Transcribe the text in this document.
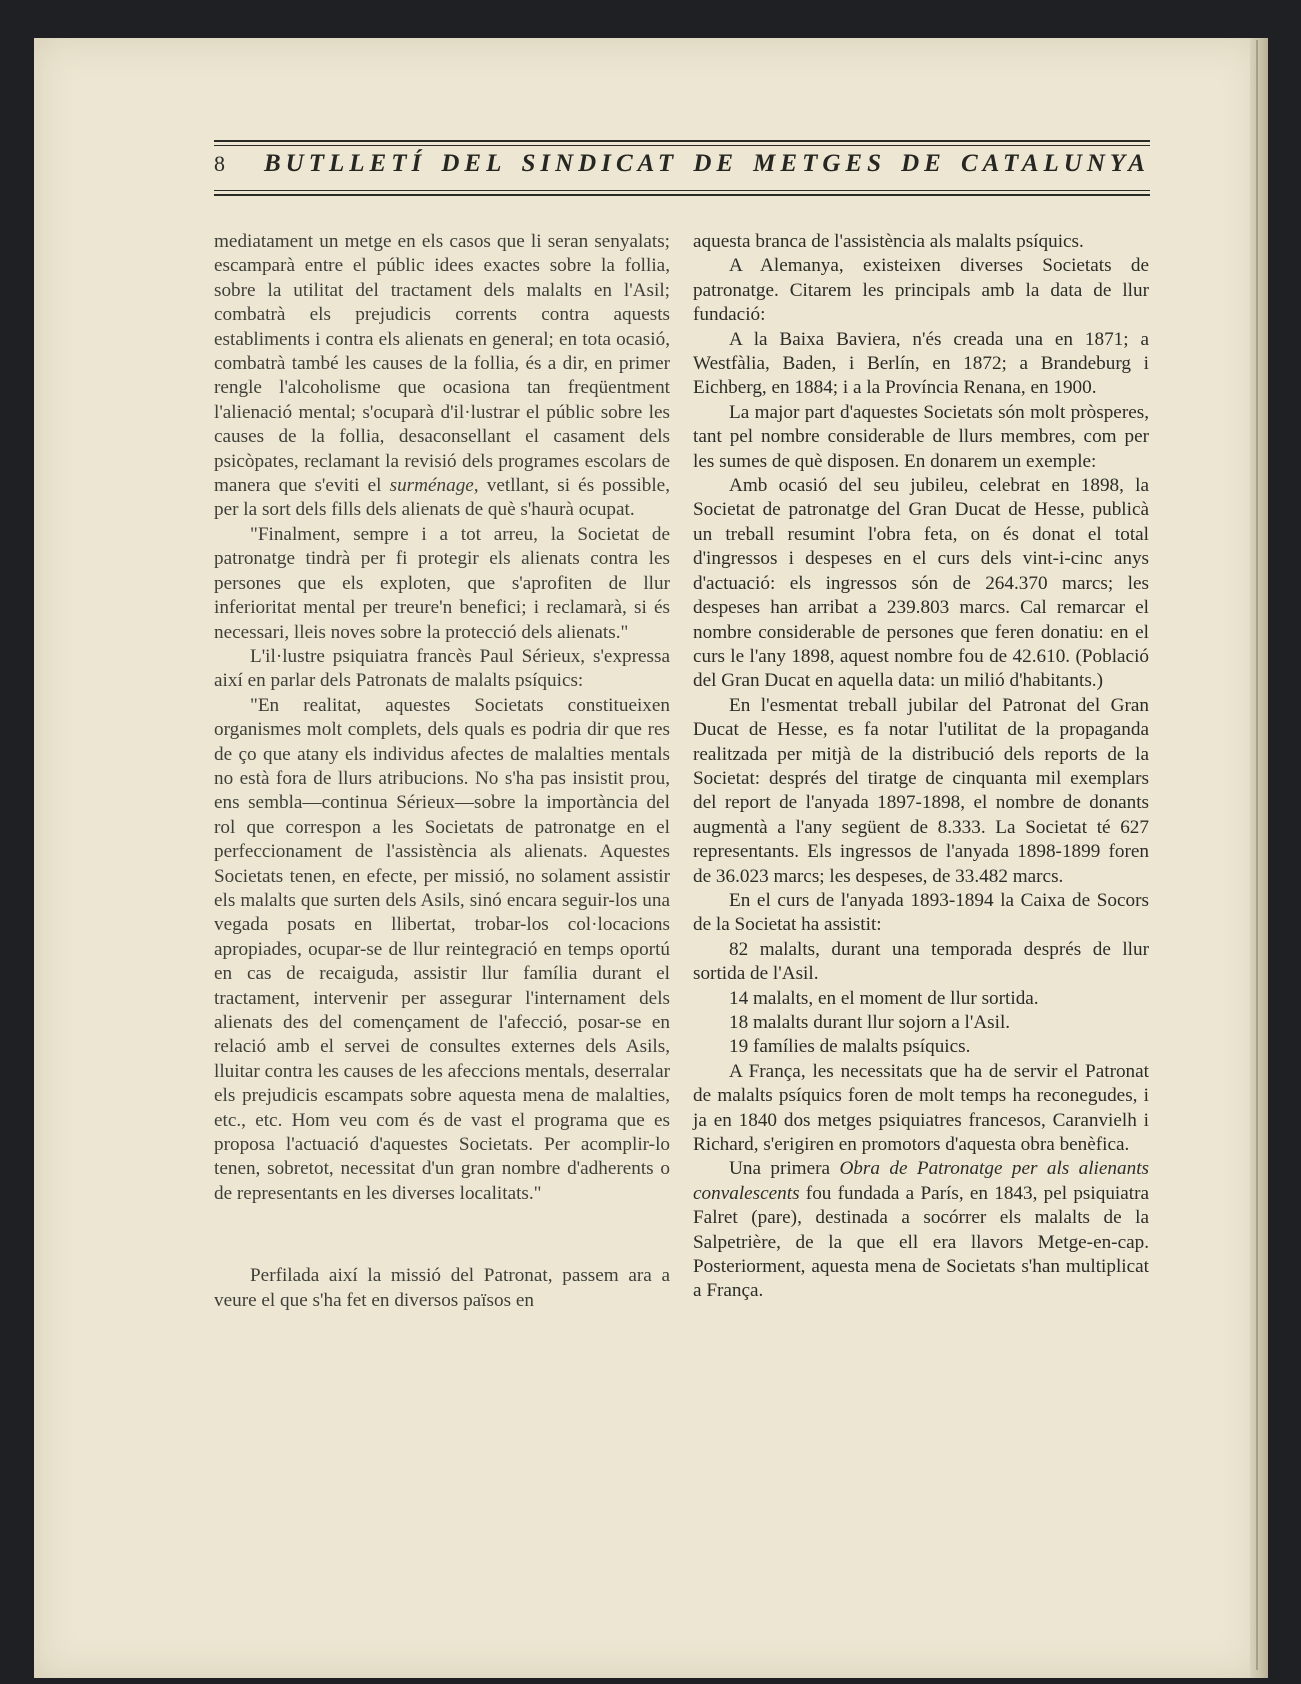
8	BUTLLETÍ DEL SINDICAT DE METGES DE CATALUNYA

mediatament un metge en els casos que li seran senyalats; escamparà entre el públic idees exactes sobre la follia, sobre la utilitat del tractament dels malalts en l'Asil; combatrà els prejudicis corrents contra aquests establiments i contra els alienats en general; en tota ocasió, combatrà també les causes de la follia, és a dir, en primer rengle l'alcoholisme que ocasiona tan freqüentment l'alienació mental; s'ocuparà d'il·lustrar el públic sobre les causes de la follia, desaconsellant el casament dels psicòpates, reclamant la revisió dels programes escolars de manera que s'eviti el surménage, vetllant, si és possible, per la sort dels fills dels alienats de què s'haurà ocupat.

"Finalment, sempre i a tot arreu, la Societat de patronatge tindrà per fi protegir els alienats contra les persones que els exploten, que s'aprofiten de llur inferioritat mental per treure'n benefici; i reclamarà, si és necessari, lleis noves sobre la protecció dels alienats."

L'il·lustre psiquiatra francès Paul Sérieux, s'expressa així en parlar dels Patronats de malalts psíquics:

"En realitat, aquestes Societats constitueixen organismes molt complets, dels quals es podria dir que res de ço que atany els individus afectes de malalties mentals no està fora de llurs atribucions. No s'ha pas insistit prou, ens sembla—continua Sérieux—sobre la importància del rol que correspon a les Societats de patronatge en el perfeccionament de l'assistència als alienats. Aquestes Societats tenen, en efecte, per missió, no solament assistir els malalts que surten dels Asils, sinó encara seguir-los una vegada posats en llibertat, trobar-los col·locacions apropiades, ocupar-se de llur reintegració en temps oportú en cas de recaiguda, assistir llur família durant el tractament, intervenir per assegurar l'internament dels alienats des del començament de l'afecció, posar-se en relació amb el servei de consultes externes dels Asils, lluitar contra les causes de les afeccions mentals, deserralar els prejudicis escampats sobre aquesta mena de malalties, etc., etc. Hom veu com és de vast el programa que es proposa l'actuació d'aquestes Societats. Per acomplir-lo tenen, sobretot, necessitat d'un gran nombre d'adherents o de representants en les diverses localitats."

Perfilada així la missió del Patronat, passem ara a veure el que s'ha fet en diversos països en

aquesta branca de l'assistència als malalts psíquics.

A Alemanya, existeixen diverses Societats de patronatge. Citarem les principals amb la data de llur fundació:

A la Baixa Baviera, n'és creada una en 1871; a Westfàlia, Baden, i Berlín, en 1872; a Brandeburg i Eichberg, en 1884; i a la Província Renana, en 1900.

La major part d'aquestes Societats són molt pròsperes, tant pel nombre considerable de llurs membres, com per les sumes de què disposen. En donarem un exemple:

Amb ocasió del seu jubileu, celebrat en 1898, la Societat de patronatge del Gran Ducat de Hesse, publicà un treball resumint l'obra feta, on és donat el total d'ingressos i despeses en el curs dels vint-i-cinc anys d'actuació: els ingressos són de 264.370 marcs; les despeses han arribat a 239.803 marcs. Cal remarcar el nombre considerable de persones que feren donatiu: en el curs le l'any 1898, aquest nombre fou de 42.610. (Població del Gran Ducat en aquella data: un milió d'habitants.)

En l'esmentat treball jubilar del Patronat del Gran Ducat de Hesse, es fa notar l'utilitat de la propaganda realitzada per mitjà de la distribució dels reports de la Societat: després del tiratge de cinquanta mil exemplars del report de l'anyada 1897-1898, el nombre de donants augmentà a l'any següent de 8.333. La Societat té 627 representants. Els ingressos de l'anyada 1898-1899 foren de 36.023 marcs; les despeses, de 33.482 marcs.

En el curs de l'anyada 1893-1894 la Caixa de Socors de la Societat ha assistit:

82 malalts, durant una temporada després de llur sortida de l'Asil.

14 malalts, en el moment de llur sortida.

18 malalts durant llur sojorn a l'Asil.

19 famílies de malalts psíquics.

A França, les necessitats que ha de servir el Patronat de malalts psíquics foren de molt temps ha reconegudes, i ja en 1840 dos metges psiquiatres francesos, Caranvielh i Richard, s'erigiren en promotors d'aquesta obra benèfica.

Una primera Obra de Patronatge per als alienants convalescents fou fundada a París, en 1843, pel psiquiatra Falret (pare), destinada a socórrer els malalts de la Salpetrière, de la que ell era llavors Metge-en-cap. Posteriorment, aquesta mena de Societats s'han multiplicat a França.
